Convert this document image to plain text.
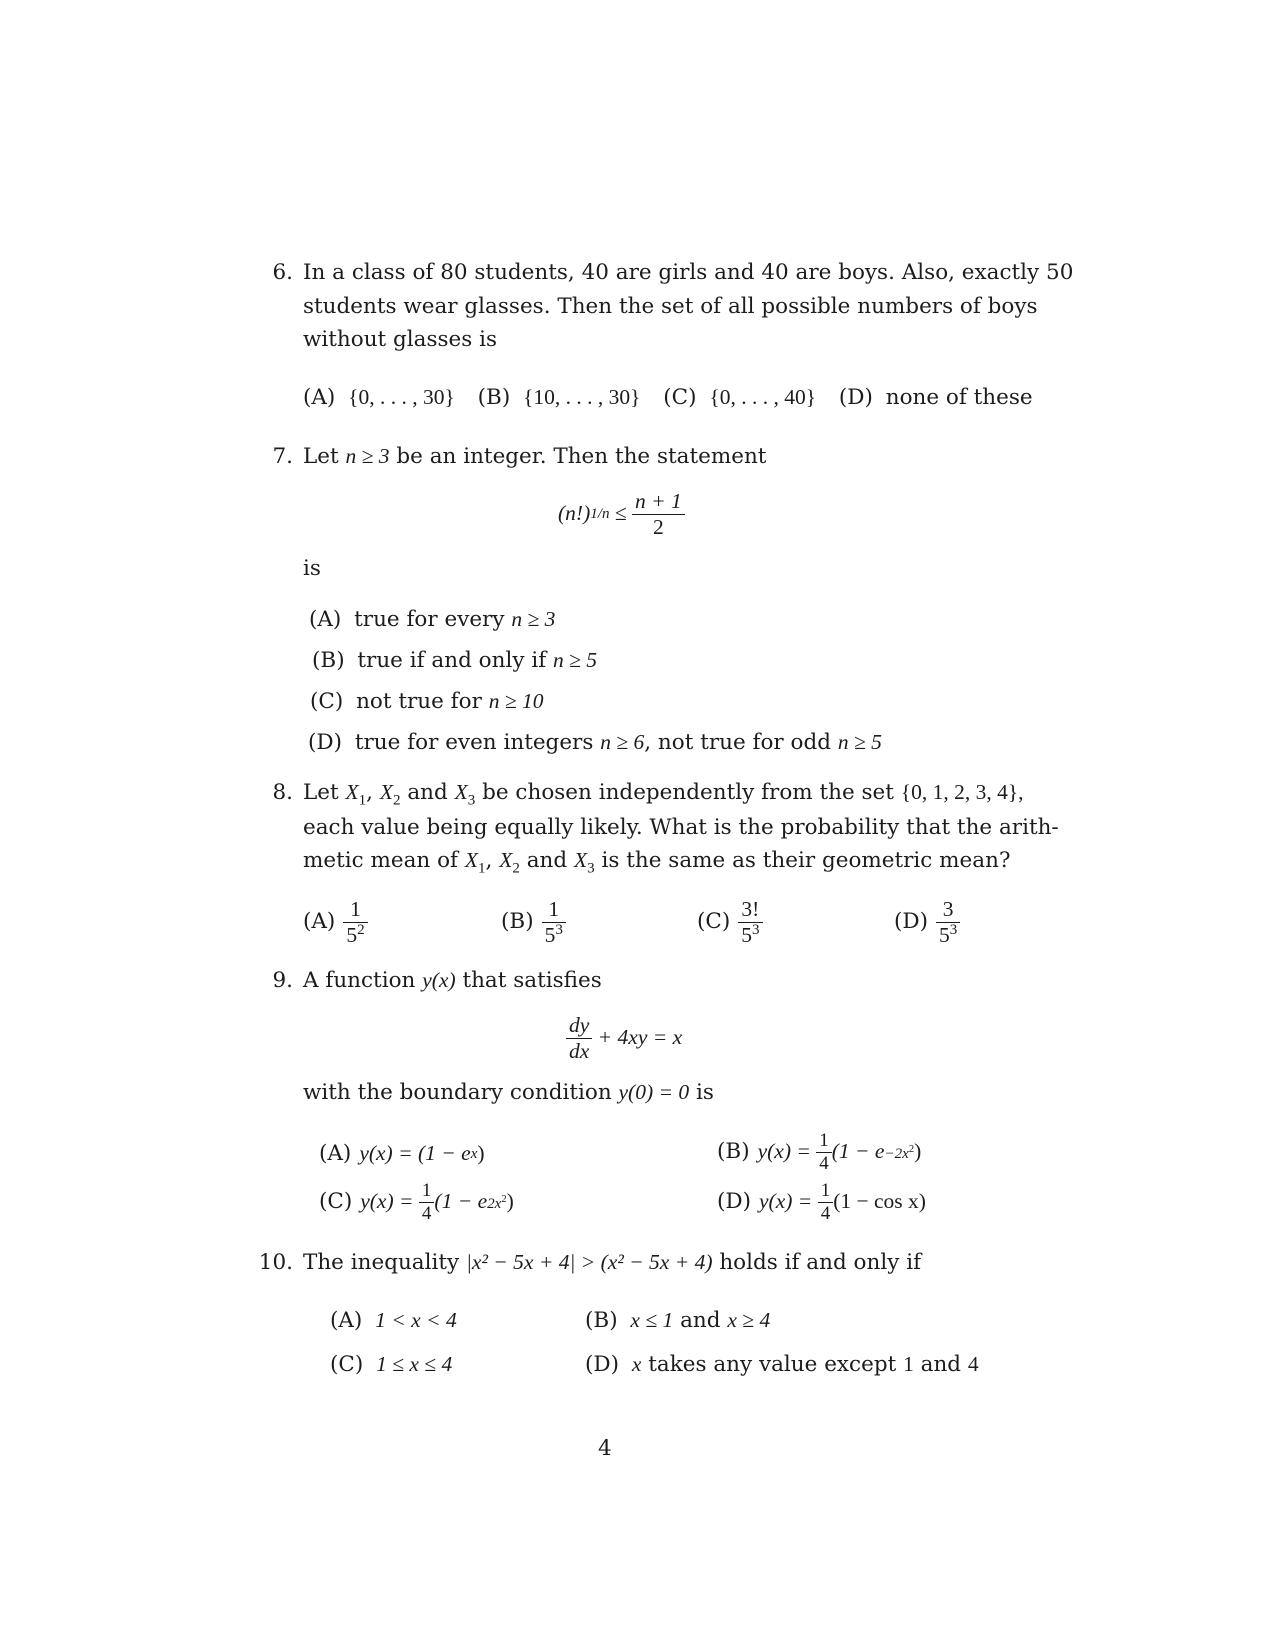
6. In a class of 80 students, 40 are girls and 40 are boys. Also, exactly 50
students wear glasses. Then the set of all possible numbers of boys
without glasses is
(A) {0, . . . , 30} (B) {10, . . . , 30} (C) {0, . . . , 40} (D) none of these
7. Let n ≥ 3 be an integer. Then the statement
(n!) $1/n \le \frac{n + 1}{2}$
is
(A) true for every n ≥ 3
(B) true if and only if n ≥ 5
(C) not true for n ≥ 10
(D) true for even integers n ≥ 6, not true for odd n ≥ 5
8. Let $X_1$, $X_2$ and $X_3$ be chosen independently from the set {0, 1, 2, 3, 4},
each value being equally likely. What is the probability that the arith-
metic mean of $X_1$, $X_2$ and $X_3$ is the same as their geometric mean?
$(A) \frac{1}{5^2}$	$(B) \frac{1}{5^3}$	$(C) \frac{3!}{5^3}$	$(D) \frac{3}{5^3}$
9. A function y(x) that satisfies
$\frac{dy}{dx} + 4xy = x$
with the boundary condition y(0) = 0 is
(A) y(x) = (1 − e x )	(B) $y(x) = \frac{1}{4} (1 - e -2x^2$ )
(C) $y(x) = \frac{1}{4} (1 - e$ $2x^2$ )	(D) $y(x) = \frac{1}{4} (1 - \cos x)$
10. The inequality |x² − 5x + 4| > (x² − 5x + 4) holds if and only if
(A) 1 < x < 4	(B) x ≤ 1 and x ≥ 4
(C) 1 ≤ x ≤ 4	(D) x takes any value except 1 and 4
4
